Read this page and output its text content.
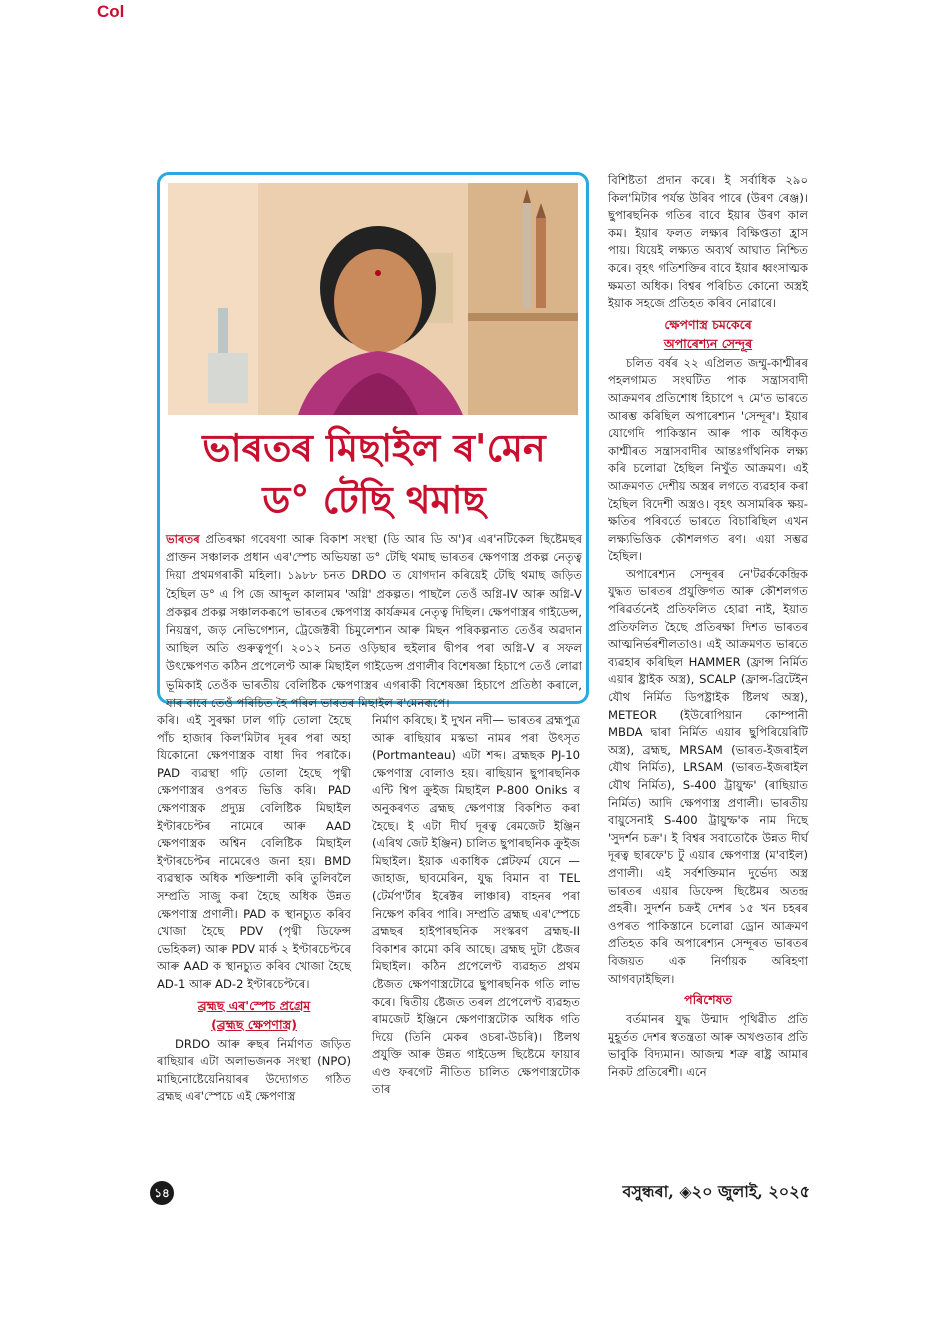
Col
ভাৰতৰ মিছাইল ৰ'মেন
ড° টেছি থমাছ
ভাৰতৰ প্ৰতিৰক্ষা গবেষণা আৰু বিকাশ সংস্থা (ডি আৰ ডি অ')ৰ এৰ'নটিকেল ছিষ্টেমছৰ প্ৰাক্তন সঞ্চালক প্ৰধান এৰ'স্পেচ অভিযন্তা ড° টেছি থমাছ ভাৰতৰ ক্ষেপণাস্ত্ৰ প্ৰকল্প নেতৃত্ব দিয়া প্ৰথমগৰাকী মহিলা। ১৯৮৮ চনত DRDO ত যোগদান কৰিয়েই টেছি থমাছ জড়িত হৈছিল ড° এ পি জে আব্দুল কালামৰ 'অগ্নি' প্ৰকল্পত। পাছলৈ তেওঁ অগ্নি-IV আৰু অগ্নি-V প্ৰকল্পৰ প্ৰকল্প সঞ্চালকৰূপে ভাৰতৰ ক্ষেপণাস্ত্ৰ কাৰ্যক্ৰমৰ নেতৃত্ব দিছিল। ক্ষেপণাস্ত্ৰৰ গাইডেন্স, নিয়ন্ত্ৰণ, জড় নেভিগেশ্যন, ট্ৰেজেক্টৰী চিমুলেশ্যন আৰু মিছন পৰিকল্পনাত তেওঁৰ অৱদান আছিল অতি গুৰুত্বপূৰ্ণ। ২০১২ চনত ওড়িছাৰ হুইলাৰ দ্বীপৰ পৰা অগ্নি-V ৰ সফল উৎক্ষেপণত কঠিন প্ৰপেলেণ্ট আৰু মিছাইল গাইডেন্স প্ৰণালীৰ বিশেষজ্ঞা হিচাপে তেওঁ লোৱা ভূমিকাই তেওঁক ভাৰতীয় বেলিষ্টিক ক্ষেপণাস্ত্ৰৰ এগৰাকী বিশেষজ্ঞা হিচাপে প্ৰতিষ্ঠা কৰালে, যাৰ বাবে তেওঁ পৰিচিত হৈ পৰিল ভাৰতৰ মিছাইল ৰ'মেনৰূপে।

বিশিষ্টতা প্ৰদান কৰে। ই সৰ্বাধিক ২৯০ কিল'মিটাৰ পৰ্যন্ত উৰিব পাৰে (উৰণ ৰেঞ্জ)। ছুপাৰছনিক গতিৰ বাবে ইয়াৰ উৰণ কাল কম। ইয়াৰ ফলত লক্ষ্যৰ বিক্ষিপ্ততা হ্ৰাস পায়। যিয়েই লক্ষ্যত অব্যৰ্থ আঘাত নিশ্চিত কৰে। বৃহৎ গতিশক্তিৰ বাবে ইয়াৰ ধ্বংসাত্মক ক্ষমতা অধিক। বিশ্বৰ পৰিচিত কোনো অস্ত্ৰই ইয়াক সহজে প্ৰতিহত কৰিব নোৱাৰে।

ক্ষেপণাস্ত্ৰ চমকেৰে
অপাৰেশ্যন সেন্দূৰ

চলিত বৰ্ষৰ ২২ এপ্ৰিলত জম্মু-কাশ্মীৰৰ পহলগামত সংঘটিত পাক সন্ত্ৰাসবাদী আক্ৰমণৰ প্ৰতিশোধ হিচাপে ৭ মে'ত ভাৰতে আৰম্ভ কৰিছিল অপাৰেশ্যন 'সেন্দূৰ'। ইয়াৰ যোগেদি পাকিস্তান আৰু পাক অধিকৃত কাশ্মীৰত সন্ত্ৰাসবাদীৰ আন্তঃগাঁথনিক লক্ষ্য কৰি চলোৱা হৈছিল নিখুঁত আক্ৰমণ। এই আক্ৰমণত দেশীয় অস্ত্ৰৰ লগতে ব্যৱহাৰ কৰা হৈছিল বিদেশী অস্ত্ৰও। বৃহৎ অসামৰিক ক্ষয়-ক্ষতিৰ পৰিবৰ্তে ভাৰতে বিচাৰিছিল এখন লক্ষ্যভিত্তিক কৌশলগত ৰণ। এয়া সম্ভৱ হৈছিল।

অপাৰেশ্যন সেন্দূৰৰ নে'টৱৰ্ককেন্দ্ৰিক যুদ্ধত ভাৰতৰ প্ৰযুক্তিগত আৰু কৌশলগত পৰিৱৰ্তনেই প্ৰতিফলিত হোৱা নাই, ইয়াত প্ৰতিফলিত হৈছে প্ৰতিৰক্ষা দিশত ভাৰতৰ আত্মনিৰ্ভৰশীলতাও। এই আক্ৰমণত ভাৰতে ব্যৱহাৰ কৰিছিল HAMMER (ফ্ৰান্স নিৰ্মিত এয়াৰ ষ্ট্ৰাইক অস্ত্ৰ), SCALP (ফ্ৰান্স-ব্ৰিটেইন যৌথ নিৰ্মিত ডিপষ্ট্ৰাইক ষ্টিলথ অস্ত্ৰ), METEOR (ইউৰোপিয়ান কোম্পানী MBDA দ্বাৰা নিৰ্মিত এয়াৰ ছুপিৰিয়েৰিটি অস্ত্ৰ), ব্ৰহ্মছ, MRSAM (ভাৰত-ইজৰাইল যৌথ নিৰ্মিত), LRSAM (ভাৰত-ইজৰাইল যৌথ নিৰ্মিত), S-400 ট্ৰায়ুম্ফ' (ৰাছিয়াত নিৰ্মিত) আদি ক্ষেপণাস্ত্ৰ প্ৰণালী। ভাৰতীয় বায়ুসেনাই S-400 ট্ৰায়ুম্ফ'ক নাম দিছে 'সুদৰ্শন চক্ৰ'। ই বিশ্বৰ সবাতোকৈ উন্নত দীৰ্ঘ দূৰত্ব ছাৰফে'চ টু এয়াৰ ক্ষেপণাস্ত্ৰ (ম'বাইল) প্ৰণালী। এই সৰ্বশক্তিমান দুৰ্ভেদ্য অস্ত্ৰ ভাৰতৰ এয়াৰ ডিফেন্স ছিষ্টেমৰ অতন্দ্ৰ প্ৰহৰী। সুদৰ্শন চক্ৰই দেশৰ ১৫ খন চহৰৰ ওপৰত পাকিস্তানে চলোৱা ড্ৰোন আক্ৰমণ প্ৰতিহত কৰি অপাৰেশ্যন সেন্দূৰত ভাৰতৰ বিজয়ত এক নিৰ্ণায়ক অৰিহণা আগবঢ়াইছিল।

পৰিশেষত

বৰ্তমানৰ যুদ্ধ উন্মাদ পৃথিৱীত প্ৰতি মুহূৰ্তত দেশৰ স্বতন্ত্ৰতা আৰু অখণ্ডতাৰ প্ৰতি ভাবুকি বিদ্যমান। আজন্ম শত্ৰু ৰাষ্ট্ৰ আমাৰ নিকট প্ৰতিৰেশী। এনে

কৰি। এই সুৰক্ষা ঢাল গঢ়ি তোলা হৈছে পাঁচ হাজাৰ কিল'মিটাৰ দূৰৰ পৰা অহা যিকোনো ক্ষেপণাস্ত্ৰক বাধা দিব পৰাকৈ। PAD ব্যৱস্থা গঢ়ি তোলা হৈছে পৃথ্বী ক্ষেপণাস্ত্ৰৰ ওপৰত ভিত্তি কৰি। PAD ক্ষেপণাস্ত্ৰক প্ৰদ্যুম্ন বেলিষ্টিক মিছাইল ইণ্টাৰচেপ্টৰ নামেৰে আৰু AAD ক্ষেপণাস্ত্ৰক অশ্বিন বেলিষ্টিক মিছাইল ইণ্টাৰচেপ্টৰ নামেৰেও জনা হয়। BMD ব্যৱস্থাক অধিক শক্তিশালী কৰি তুলিবলৈ সম্প্ৰতি সাজু কৰা হৈছে অধিক উন্নত ক্ষেপণাস্ত্ৰ প্ৰণালী। PAD ক স্থানচ্যুত কৰিব খোজা হৈছে PDV (পৃথ্বী ডিফেন্স ভেহিকল) আৰু PDV মাৰ্ক ২ ইণ্টাৰচেপ্টৰে আৰু AAD ক স্থানচ্যুত কৰিব খোজা হৈছে AD-1 আৰু AD-2 ইণ্টাৰচেপ্টৰে।

ব্ৰহ্মছ এৰ'স্পেচ প্ৰগ্ৰেম
(ব্ৰহ্মছ ক্ষেপণাস্ত্ৰ)

DRDO আৰু ৰুছৰ নিৰ্মাণত জড়িত ৰাছিয়াৰ এটা অলাভজনক সংস্থা (NPO) মাছিনোষ্টেয়েনিয়াৰৰ উদ্যোগত গঠিত ব্ৰহ্মছ এৰ'স্পেচে এই ক্ষেপণাস্ত্ৰ

নিৰ্মাণ কৰিছে। ই দুখন নদী— ভাৰতৰ ব্ৰহ্মপুত্ৰ আৰু ৰাছিয়াৰ মস্কভা নামৰ পৰা উৎসৃত (Portmanteau) এটা শব্দ। ব্ৰহ্মছক PJ-10 ক্ষেপণাস্ত্ৰ বোলাও হয়। ৰাছিয়ান ছুপাৰছনিক এন্টি শ্বিপ ক্ৰুইজ মিছাইল P-800 Oniks ৰ অনুকৰণত ব্ৰহ্মছ ক্ষেপণাস্ত্ৰ বিকশিত কৰা হৈছে। ই এটা দীৰ্ঘ দূৰত্ব ৰেমজেট ইঞ্জিন (এৰিথ জেট ইঞ্জিন) চালিত ছুপাৰছনিক ক্ৰুইজ মিছাইল। ইয়াক একাধিক প্লেটফৰ্ম যেনে —জাহাজ, ছাবমেৰিন, যুদ্ধ বিমান বা TEL (টেৰ্মপ'ৰ্টাৰ ইৰেক্টৰ লাঞ্চাৰ) বাহনৰ পৰা নিক্ষেপ কৰিব পাৰি। সম্প্ৰতি ব্ৰহ্মছ এৰ'স্পেচে ব্ৰহ্মছৰ হাইপাৰছনিক সংস্কৰণ ব্ৰহ্মছ-II বিকাশৰ কামো কৰি আছে। ব্ৰহ্মছ দুটা ষ্টেজৰ মিছাইল। কঠিন প্ৰপেলেণ্ট ব্যৱহৃত প্ৰথম ষ্টেজত ক্ষেপণাস্ত্ৰটোৱে ছুপাৰছনিক গতি লাভ কৰে। দ্বিতীয় ষ্টেজত তৰল প্ৰপেলেণ্ট ব্যৱহৃত ৰামজেট ইঞ্জিনে ক্ষেপণাস্ত্ৰটোক অধিক গতি দিয়ে (তিনি মেকৰ ওচৰা-উচৰি)। ষ্টিলথ প্ৰযুক্তি আৰু উন্নত গাইডেন্স ছিষ্টেমে ফায়াৰ এণ্ড ফৰগেট নীতিত চালিত ক্ষেপণাস্ত্ৰটোক তাৰ

১৪	বসুন্ধৰা, ◈২০ জুলাই, ২০২৫
